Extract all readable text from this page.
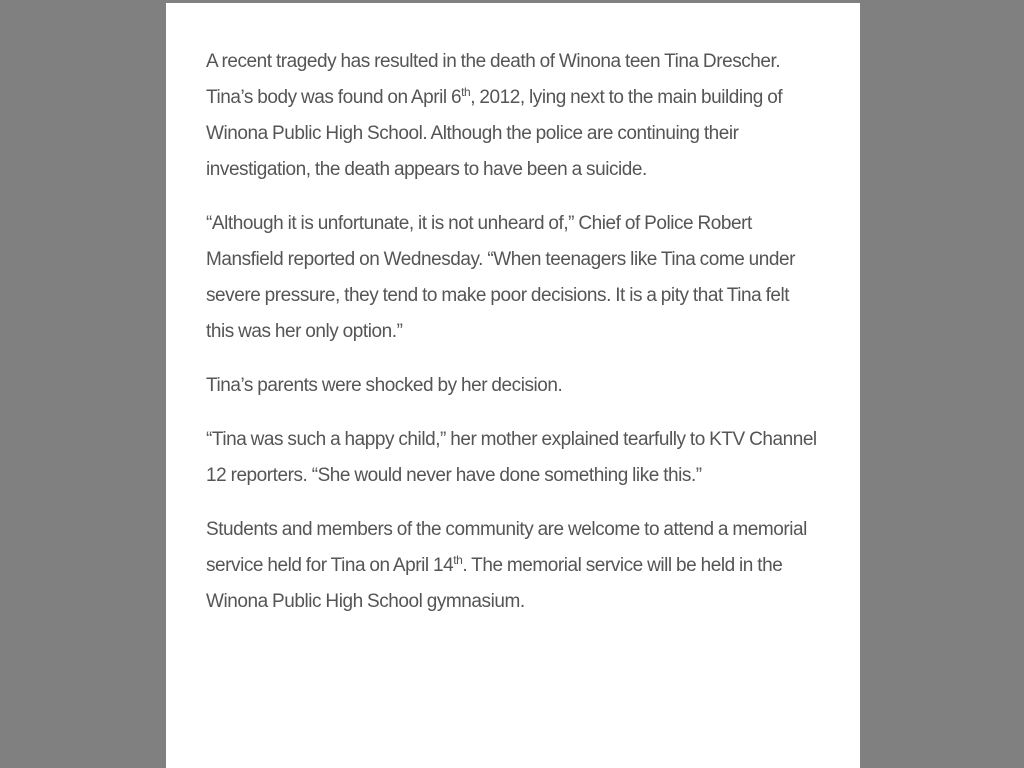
A recent tragedy has resulted in the death of Winona teen Tina Drescher. Tina’s body was found on April 6th, 2012, lying next to the main building of Winona Public High School. Although the police are continuing their investigation, the death appears to have been a suicide.

“Although it is unfortunate, it is not unheard of,” Chief of Police Robert Mansfield reported on Wednesday. “When teenagers like Tina come under severe pressure, they tend to make poor decisions. It is a pity that Tina felt this was her only option.”

Tina’s parents were shocked by her decision.

“Tina was such a happy child,” her mother explained tearfully to KTV Channel 12 reporters. “She would never have done something like this.”

Students and members of the community are welcome to attend a memorial service held for Tina on April 14th. The memorial service will be held in the Winona Public High School gymnasium.
